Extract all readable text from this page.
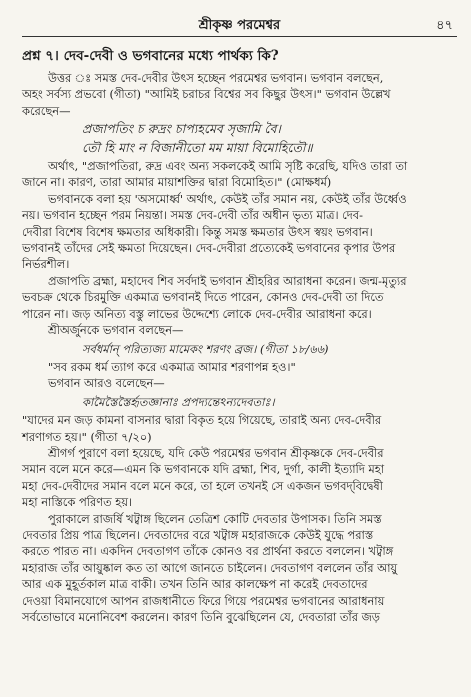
শ্রীকৃষ্ণ পরমেশ্বর	৪৭

প্রশ্ন ৭। দেব-দেবী ও ভগবানের মধ্যে পার্থক্য কি?

উত্তর ঃ সমস্ত দেব-দেবীর উৎস হচ্ছেন পরমেশ্বর ভগবান। ভগবান বলছেন,

অহং সর্বস্য প্রভবো (গীতা) "আমিই চরাচর বিশ্বের সব কিছুর উৎস।" ভগবান উল্লেখ

করেছেন—

প্রজাপতিং চ রুদ্রং চাপ্যহমেব সৃজামি বৈ।

তৌ হি মাং ন বিজানীতো মম মায়া বিমোহিতৌ॥

অর্থাৎ, "প্রজাপতিরা, রুদ্র এবং অন্য সকলকেই আমি সৃষ্টি করেছি, যদিও তারা তা

জানে না। কারণ, তারা আমার মায়াশক্তির দ্বারা বিমোহিত।" (মোক্ষধর্ম)

ভগবানকে বলা হয় 'অসমোর্ধ্ব' অর্থাৎ, কেউই তাঁর সমান নয়, কেউই তাঁর উর্ধ্বেও

নয়। ভগবান হচ্ছেন পরম নিয়ন্তা। সমস্ত দেব-দেবী তাঁর অধীন ভৃত্য মাত্র। দেব-

দেবীরা বিশেষ বিশেষ ক্ষমতার অধিকারী। কিন্তু সমস্ত ক্ষমতার উৎস স্বয়ং ভগবান।

ভগবানই তাঁদের সেই ক্ষমতা দিয়েছেন। দেব-দেবীরা প্রত্যেকেই ভগবানের কৃপার উপর

নির্ভরশীল।

প্রজাপতি ব্রহ্মা, মহাদেব শিব সর্বদাই ভগবান শ্রীহরির আরাধনা করেন। জন্ম-মৃত্যুর

ভবচক্র থেকে চিরমুক্তি একমাত্র ভগবানই দিতে পারেন, কোনও দেব-দেবী তা দিতে

পারেন না। জড় অনিত্য বস্তু লাভের উদ্দেশ্যে লোকে দেব-দেবীর আরাধনা করে।

শ্রীঅর্জুনকে ভগবান বলছেন—

সর্বধর্মান্ পরিত্যজ্য মামেকং শরণং ব্রজ। (গীতা ১৮/৬৬)

"সব রকম ধর্ম ত্যাগ করে একমাত্র আমার শরণাপন্ন হও।"

ভগবান আরও বলেছেন—

কামৈস্তৈস্তৈর্হৃতজ্ঞানাঃ প্রপদ্যন্তেঽন্যদেবতাঃ।

"যাদের মন জড় কামনা বাসনার দ্বারা বিকৃত হয়ে গিয়েছে, তারাই অন্য দেব-দেবীর

শরণাগত হয়।" (গীতা ৭/২০)

শ্রীগর্গ পুরাণে বলা হয়েছে, যদি কেউ পরমেশ্বর ভগবান শ্রীকৃষ্ণকে দেব-দেবীর

সমান বলে মনে করে—এমন কি ভগবানকে যদি ব্রহ্মা, শিব, দুর্গা, কালী ইত্যাদি মহা

মহা দেব-দেবীদের সমান বলে মনে করে, তা হলে তখনই সে একজন ভগবদ্‌বিদ্বেষী

মহা নাস্তিকে পরিণত হয়।

পুরাকালে রাজর্ষি খট্বাঙ্গ ছিলেন তেত্রিশ কোটি দেবতার উপাসক। তিনি সমস্ত

দেবতার প্রিয় পাত্র ছিলেন। দেবতাদের বরে খট্বাঙ্গ মহারাজকে কেউই যুদ্ধে পরাস্ত

করতে পারত না। একদিন দেবতাগণ তাঁকে কোনও বর প্রার্থনা করতে বললেন। খট্বাঙ্গ

মহারাজ তাঁর আয়ুষ্কাল কত তা আগে জানতে চাইলেন। দেবতাগণ বললেন তাঁর আয়ু

আর এক মুহূর্তকাল মাত্র বাকী। তখন তিনি আর কালক্ষেপ না করেই দেবতাদের

দেওয়া বিমানযোগে আপন রাজধানীতে ফিরে গিয়ে পরমেশ্বর ভগবানের আরাধনায়

সর্বতোভাবে মনোনিবেশ করলেন। কারণ তিনি বুঝেছিলেন যে, দেবতারা তাঁর জড়
